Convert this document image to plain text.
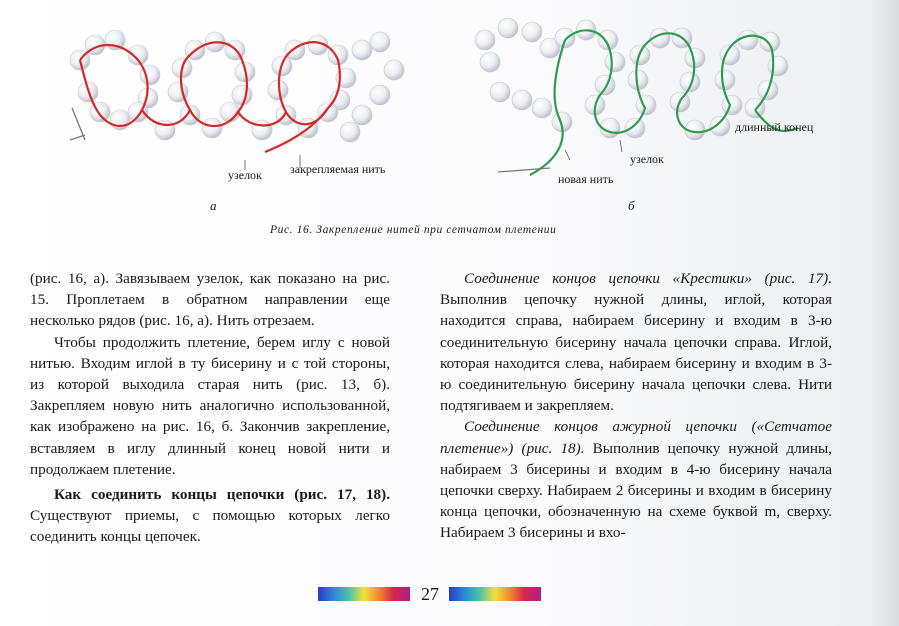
узелок закрепляемая нить
а
длинный конец
узелок
новая нить
б
Рис. 16. Закрепление нитей при сетчатом плетении

(рис. 16, а). Завязываем узелок, как показано на рис. 15. Проплетаем в обратном направлении еще несколько рядов (рис. 16, а). Нить отрезаем.

Чтобы продолжить плетение, берем иглу с новой нитью. Входим иглой в ту бисерину и с той стороны, из которой выходила старая нить (рис. 13, б). Закрепляем новую нить аналогично использованной, как изображено на рис. 16, б. Закончив закрепление, вставляем в иглу длинный конец новой нити и продолжаем плетение.

Как соединить концы цепочки (рис. 17, 18). Существуют приемы, с помощью которых легко соединить концы цепочек.

Соединение концов цепочки «Крестики» (рис. 17). Выполнив цепочку нужной длины, иглой, которая находится справа, набираем бисерину и входим в 3-ю соединительную бисерину начала цепочки справа. Иглой, которая находится слева, набираем бисерину и входим в 3-ю соединительную бисерину начала цепочки слева. Нити подтягиваем и закрепляем.

Соединение концов ажурной цепочки («Сетчатое плетение») (рис. 18). Выполнив цепочку нужной длины, набираем 3 бисерины и входим в 4-ю бисерину начала цепочки сверху. Набираем 2 бисерины и входим в бисерину конца цепочки, обозначенную на схеме буквой m, сверху. Набираем 3 бисерины и вхо-

27
